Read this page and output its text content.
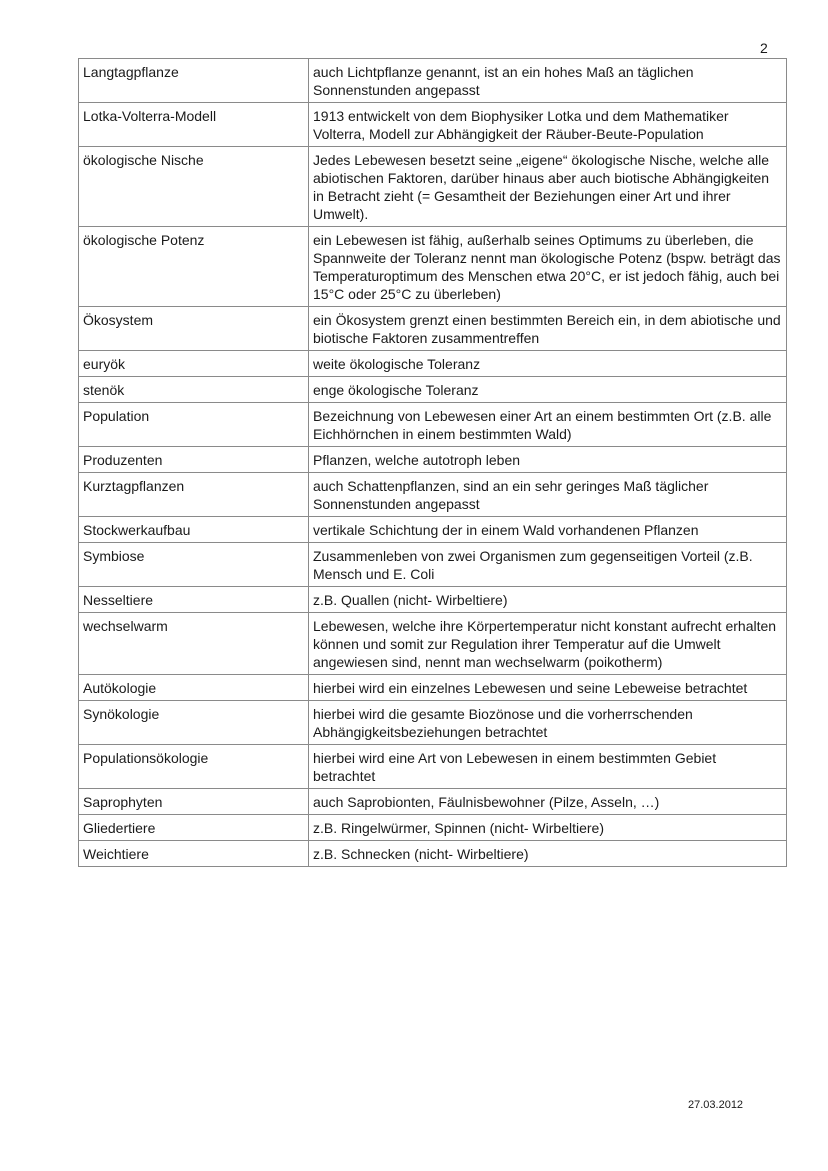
2
Langtagpflanze	auch Lichtpflanze genannt, ist an ein hohes Maß an täglichen Sonnenstunden angepasst
Lotka-Volterra-Modell	1913 entwickelt von dem Biophysiker Lotka und dem Mathematiker Volterra, Modell zur Abhängigkeit der Räuber-Beute-Population
ökologische Nische	Jedes Lebewesen besetzt seine „eigene“ ökologische Nische, welche alle abiotischen Faktoren, darüber hinaus aber auch biotische Abhängigkeiten in Betracht zieht (= Gesamtheit der Beziehungen einer Art und ihrer Umwelt).
ökologische Potenz	ein Lebewesen ist fähig, außerhalb seines Optimums zu überleben, die Spannweite der Toleranz nennt man ökologische Potenz (bspw. beträgt das Temperaturoptimum des Menschen etwa 20°C, er ist jedoch fähig, auch bei 15°C oder 25°C zu überleben)
Ökosystem	ein Ökosystem grenzt einen bestimmten Bereich ein, in dem abiotische und biotische Faktoren zusammentreffen
euryök	weite ökologische Toleranz
stenök	enge ökologische Toleranz
Population	Bezeichnung von Lebewesen einer Art an einem bestimmten Ort (z.B. alle Eichhörnchen in einem bestimmten Wald)
Produzenten	Pflanzen, welche autotroph leben
Kurztagpflanzen	auch Schattenpflanzen, sind an ein sehr geringes Maß täglicher Sonnenstunden angepasst
Stockwerkaufbau	vertikale Schichtung der in einem Wald vorhandenen Pflanzen
Symbiose	Zusammenleben von zwei Organismen zum gegenseitigen Vorteil (z.B. Mensch und E. Coli
Nesseltiere	z.B. Quallen (nicht- Wirbeltiere)
wechselwarm	Lebewesen, welche ihre Körpertemperatur nicht konstant aufrecht erhalten können und somit zur Regulation ihrer Temperatur auf die Umwelt angewiesen sind, nennt man wechselwarm (poikotherm)
Autökologie	hierbei wird ein einzelnes Lebewesen und seine Lebeweise betrachtet
Synökologie	hierbei wird die gesamte Biozönose und die vorherrschenden Abhängigkeitsbeziehungen betrachtet
Populationsökologie	hierbei wird eine Art von Lebewesen in einem bestimmten Gebiet betrachtet
Saprophyten	auch Saprobionten, Fäulnisbewohner (Pilze, Asseln, …)
Gliedertiere	z.B. Ringelwürmer, Spinnen (nicht- Wirbeltiere)
Weichtiere	z.B. Schnecken (nicht- Wirbeltiere)
27.03.2012
